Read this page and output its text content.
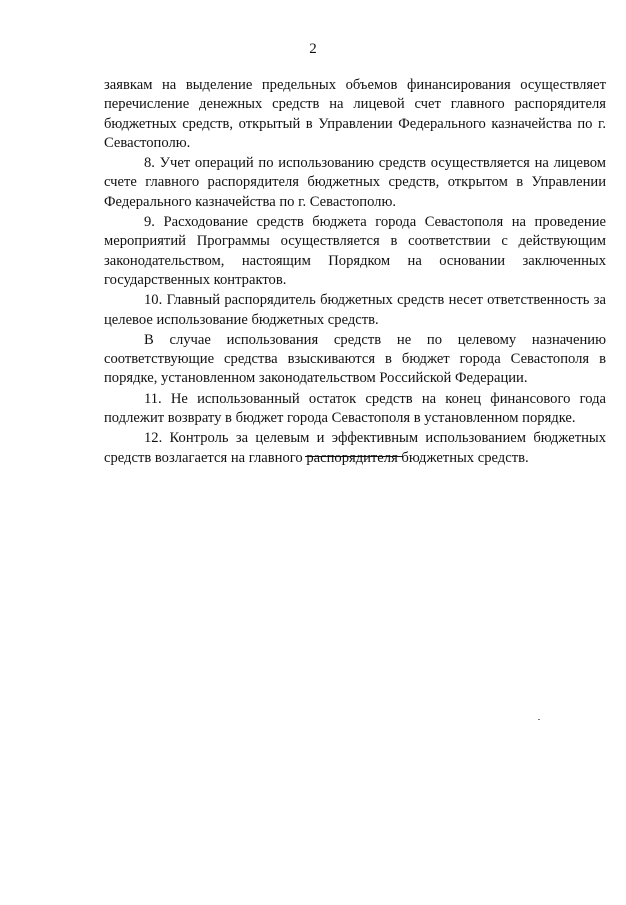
2

заявкам на выделение предельных объемов финансирования осуществляет перечисление денежных средств на лицевой счет главного распорядителя бюджетных средств, открытый в Управлении Федерального казначейства по г. Севастополю.

8. Учет операций по использованию средств осуществляется на лицевом счете главного распорядителя бюджетных средств, открытом в Управлении Федерального казначейства по г. Севастополю.

9. Расходование средств бюджета города Севастополя на проведение мероприятий Программы осуществляется в соответствии с действующим законодательством, настоящим Порядком на основании заключенных государственных контрактов.

10. Главный распорядитель бюджетных средств несет ответственность за целевое использование бюджетных средств.

В случае использования средств не по целевому назначению соответствующие средства взыскиваются в бюджет города Севастополя в порядке, установленном законодательством Российской Федерации.

11. Не использованный остаток средств на конец финансового года подлежит возврату в бюджет города Севастополя в установленном порядке.

12. Контроль за целевым и эффективным использованием бюджетных средств возлагается на главного распорядителя бюджетных средств.
